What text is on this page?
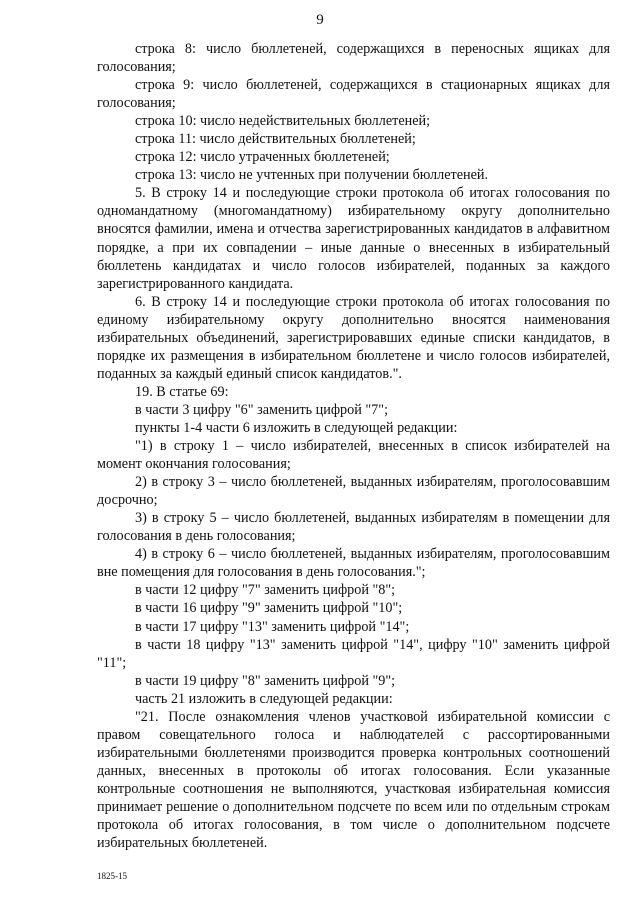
9

строка 8: число бюллетеней, содержащихся в переносных ящиках для голосования;

строка 9: число бюллетеней, содержащихся в стационарных ящиках для голосования;

строка 10: число недействительных бюллетеней;

строка 11: число действительных бюллетеней;

строка 12: число утраченных бюллетеней;

строка 13: число не учтенных при получении бюллетеней.

5. В строку 14 и последующие строки протокола об итогах голосования по одномандатному (многомандатному) избирательному округу дополнительно вносятся фамилии, имена и отчества зарегистрированных кандидатов в алфавитном порядке, а при их совпадении – иные данные о внесенных в избирательный бюллетень кандидатах и число голосов избирателей, поданных за каждого зарегистрированного кандидата.

6. В строку 14 и последующие строки протокола об итогах голосования по единому избирательному округу дополнительно вносятся наименования избирательных объединений, зарегистрировавших единые списки кандидатов, в порядке их размещения в избирательном бюллетене и число голосов избирателей, поданных за каждый единый список кандидатов.".

19. В статье 69:

в части 3 цифру "6" заменить цифрой "7";

пункты 1-4 части 6 изложить в следующей редакции:

"1) в строку 1 – число избирателей, внесенных в список избирателей на момент окончания голосования;

2) в строку 3 – число бюллетеней, выданных избирателям, проголосовавшим досрочно;

3) в строку 5 – число бюллетеней, выданных избирателям в помещении для голосования в день голосования;

4) в строку 6 – число бюллетеней, выданных избирателям, проголосовавшим вне помещения для голосования в день голосования.";

в части 12 цифру "7" заменить цифрой "8";

в части 16 цифру "9" заменить цифрой "10";

в части 17 цифру "13" заменить цифрой "14";

в части 18 цифру "13" заменить цифрой "14", цифру "10" заменить цифрой "11";

в части 19 цифру "8" заменить цифрой "9";

часть 21 изложить в следующей редакции:

"21. После ознакомления членов участковой избирательной комиссии с правом совещательного голоса и наблюдателей с рассортированными избирательными бюллетенями производится проверка контрольных соотношений данных, внесенных в протоколы об итогах голосования. Если указанные контрольные соотношения не выполняются, участковая избирательная комиссия принимает решение о дополнительном подсчете по всем или по отдельным строкам протокола об итогах голосования, в том числе о дополнительном подсчете избирательных бюллетеней.

1825-15
